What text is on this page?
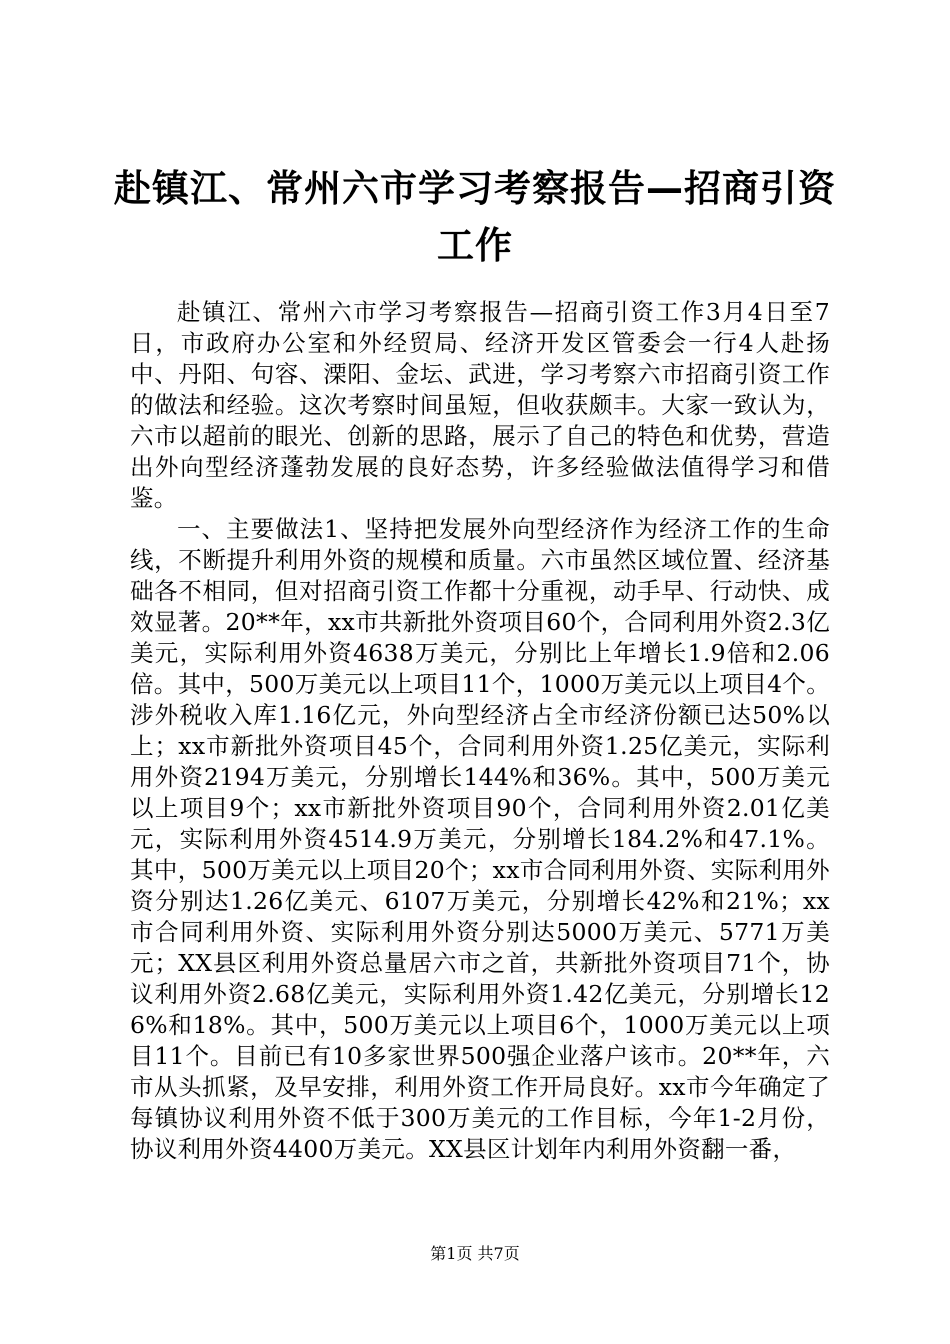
赴镇江、常州六市学习考察报告—招商引资工作

赴镇江、常州六市学习考察报告—招商引资工作3月4日至7日，市政府办公室和外经贸局、经济开发区管委会一行4人赴扬中、丹阳、句容、溧阳、金坛、武进，学习考察六市招商引资工作的做法和经验。这次考察时间虽短，但收获颇丰。大家一致认为，六市以超前的眼光、创新的思路，展示了自己的特色和优势，营造出外向型经济蓬勃发展的良好态势，许多经验做法值得学习和借鉴。

一、主要做法1、坚持把发展外向型经济作为经济工作的生命线，不断提升利用外资的规模和质量。六市虽然区域位置、经济基础各不相同，但对招商引资工作都十分重视，动手早、行动快、成效显著。20**年，xx市共新批外资项目60个，合同利用外资2.3亿美元，实际利用外资4638万美元，分别比上年增长1.9倍和2.06倍。其中，500万美元以上项目11个，1000万美元以上项目4个。涉外税收入库1.16亿元，外向型经济占全市经济份额已达50%以上；xx市新批外资项目45个，合同利用外资1.25亿美元，实际利用外资2194万美元，分别增长144%和36%。其中，500万美元以上项目9个；xx市新批外资项目90个，合同利用外资2.01亿美元，实际利用外资4514.9万美元，分别增长184.2%和47.1%。其中，500万美元以上项目20个；xx市合同利用外资、实际利用外资分别达1.26亿美元、6107万美元，分别增长42%和21%；xx市合同利用外资、实际利用外资分别达5000万美元、5771万美元；XX县区利用外资总量居六市之首，共新批外资项目71个，协议利用外资2.68亿美元，实际利用外资1.42亿美元，分别增长126%和18%。其中，500万美元以上项目6个，1000万美元以上项目11个。目前已有10多家世界500强企业落户该市。20**年，六市从头抓紧，及早安排，利用外资工作开局良好。xx市今年确定了每镇协议利用外资不低于300万美元的工作目标，今年1-2月份，协议利用外资4400万美元。XX县区计划年内利用外资翻一番，

第1页 共7页
